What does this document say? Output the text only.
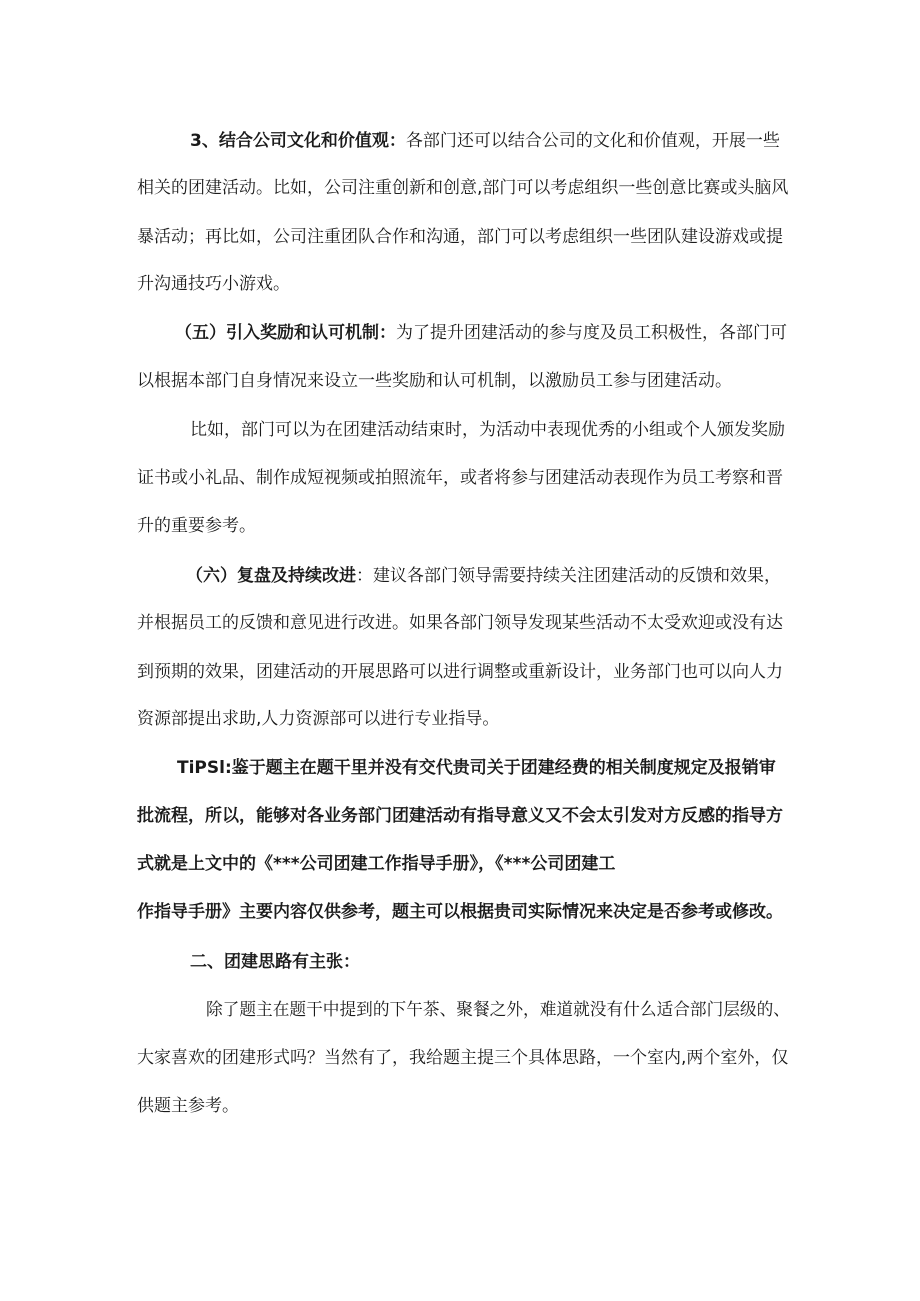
3、结合公司文化和价值观：各部门还可以结合公司的文化和价值观，开展一些
相关的团建活动。比如，公司注重创新和创意,部门可以考虑组织一些创意比赛或头脑风
暴活动；再比如，公司注重团队合作和沟通，部门可以考虑组织一些团队建设游戏或提
升沟通技巧小游戏。
（五）引入奖励和认可机制：为了提升团建活动的参与度及员工积极性，各部门可
以根据本部门自身情况来设立一些奖励和认可机制，以激励员工参与团建活动。
比如，部门可以为在团建活动结束时，为活动中表现优秀的小组或个人颁发奖励
证书或小礼品、制作成短视频或拍照流年，或者将参与团建活动表现作为员工考察和晋
升的重要参考。
（六）复盘及持续改进：建议各部门领导需要持续关注团建活动的反馈和效果，
并根据员工的反馈和意见进行改进。如果各部门领导发现某些活动不太受欢迎或没有达
到预期的效果，团建活动的开展思路可以进行调整或重新设计，业务部门也可以向人力
资源部提出求助,人力资源部可以进行专业指导。
TiPSl:鉴于题主在题干里并没有交代贵司关于团建经费的相关制度规定及报销审
批流程，所以，能够对各业务部门团建活动有指导意义又不会太引发对方反感的指导方
式就是上文中的《***公司团建工作指导手册》，《***公司团建工
作指导手册》主要内容仅供参考，题主可以根据贵司实际情况来决定是否参考或修改。
二、团建思路有主张：
除了题主在题干中提到的下午茶、聚餐之外，难道就没有什么适合部门层级的、
大家喜欢的团建形式吗？当然有了，我给题主提三个具体思路，一个室内,两个室外，仅
供题主参考。
